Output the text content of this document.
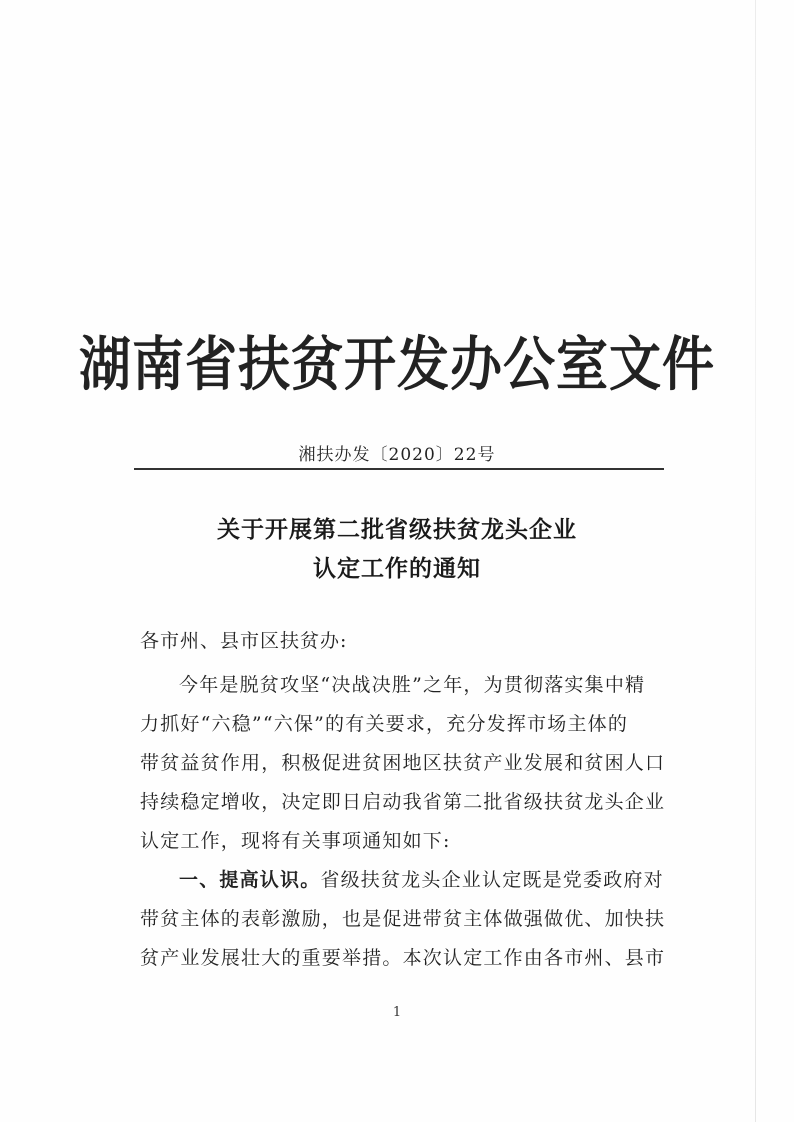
湖南省扶贫开发办公室文件
湘扶办发〔2020〕22号
关于开展第二批省级扶贫龙头企业
认定工作的通知
各市州、县市区扶贫办:
今年是脱贫攻坚“决战决胜”之年，为贯彻落实集中精
力抓好“六稳”“六保”的有关要求，充分发挥市场主体的
带贫益贫作用，积极促进贫困地区扶贫产业发展和贫困人口
持续稳定增收，决定即日启动我省第二批省级扶贫龙头企业
认定工作，现将有关事项通知如下:
一、提高认识。省级扶贫龙头企业认定既是党委政府对
带贫主体的表彰激励，也是促进带贫主体做强做优、加快扶
贫产业发展壮大的重要举措。本次认定工作由各市州、县市
1
